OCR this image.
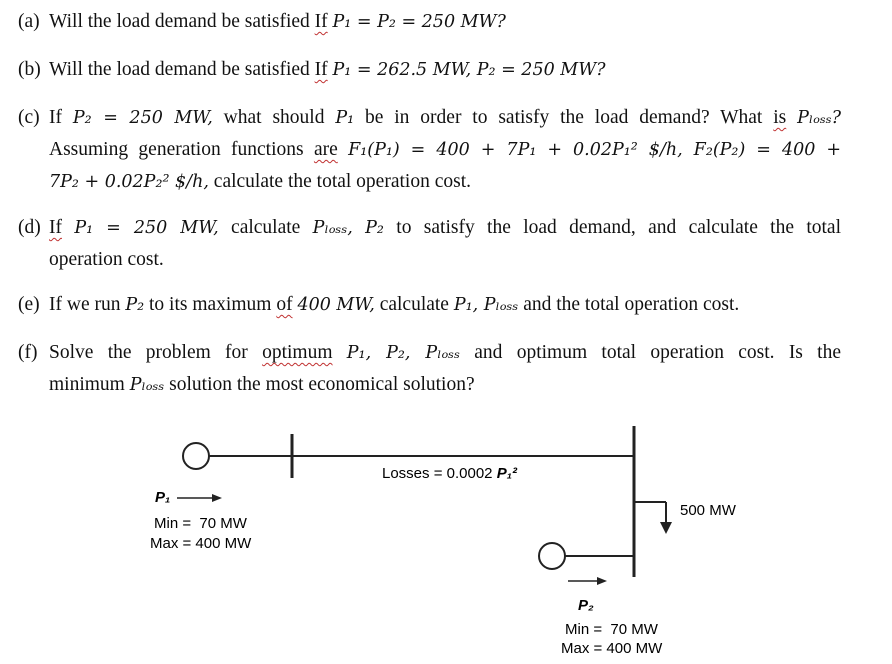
(a) Will the load demand be satisfied If P₁ = P₂ = 250 MW?
(b) Will the load demand be satisfied If P₁ = 262.5 MW, P₂ = 250 MW?
(c) If P₂ = 250 MW, what should P₁ be in order to satisfy the load demand? What is Pₗₒₛₛ?
Assuming generation functions are F₁(P₁) = 400 + 7P₁ + 0.02P₁² $/h, F₂(P₂) = 400 +
7P₂ + 0.02P₂² $/h, calculate the total operation cost.
(d) If P₁ = 250 MW, calculate Pₗₒₛₛ, P₂ to satisfy the load demand, and calculate the total
operation cost.
(e) If we run P₂ to its maximum of 400 MW, calculate P₁, Pₗₒₛₛ and the total operation cost.
(f) Solve the problem for optimum P₁, P₂, Pₗₒₛₛ and optimum total operation cost. Is the
minimum Pₗₒₛₛ solution the most economical solution?
Losses = 0.0002 P₁²
500 MW
P₁
Min =  70 MW
Max = 400 MW
P₂
Min =  70 MW
Max = 400 MW
